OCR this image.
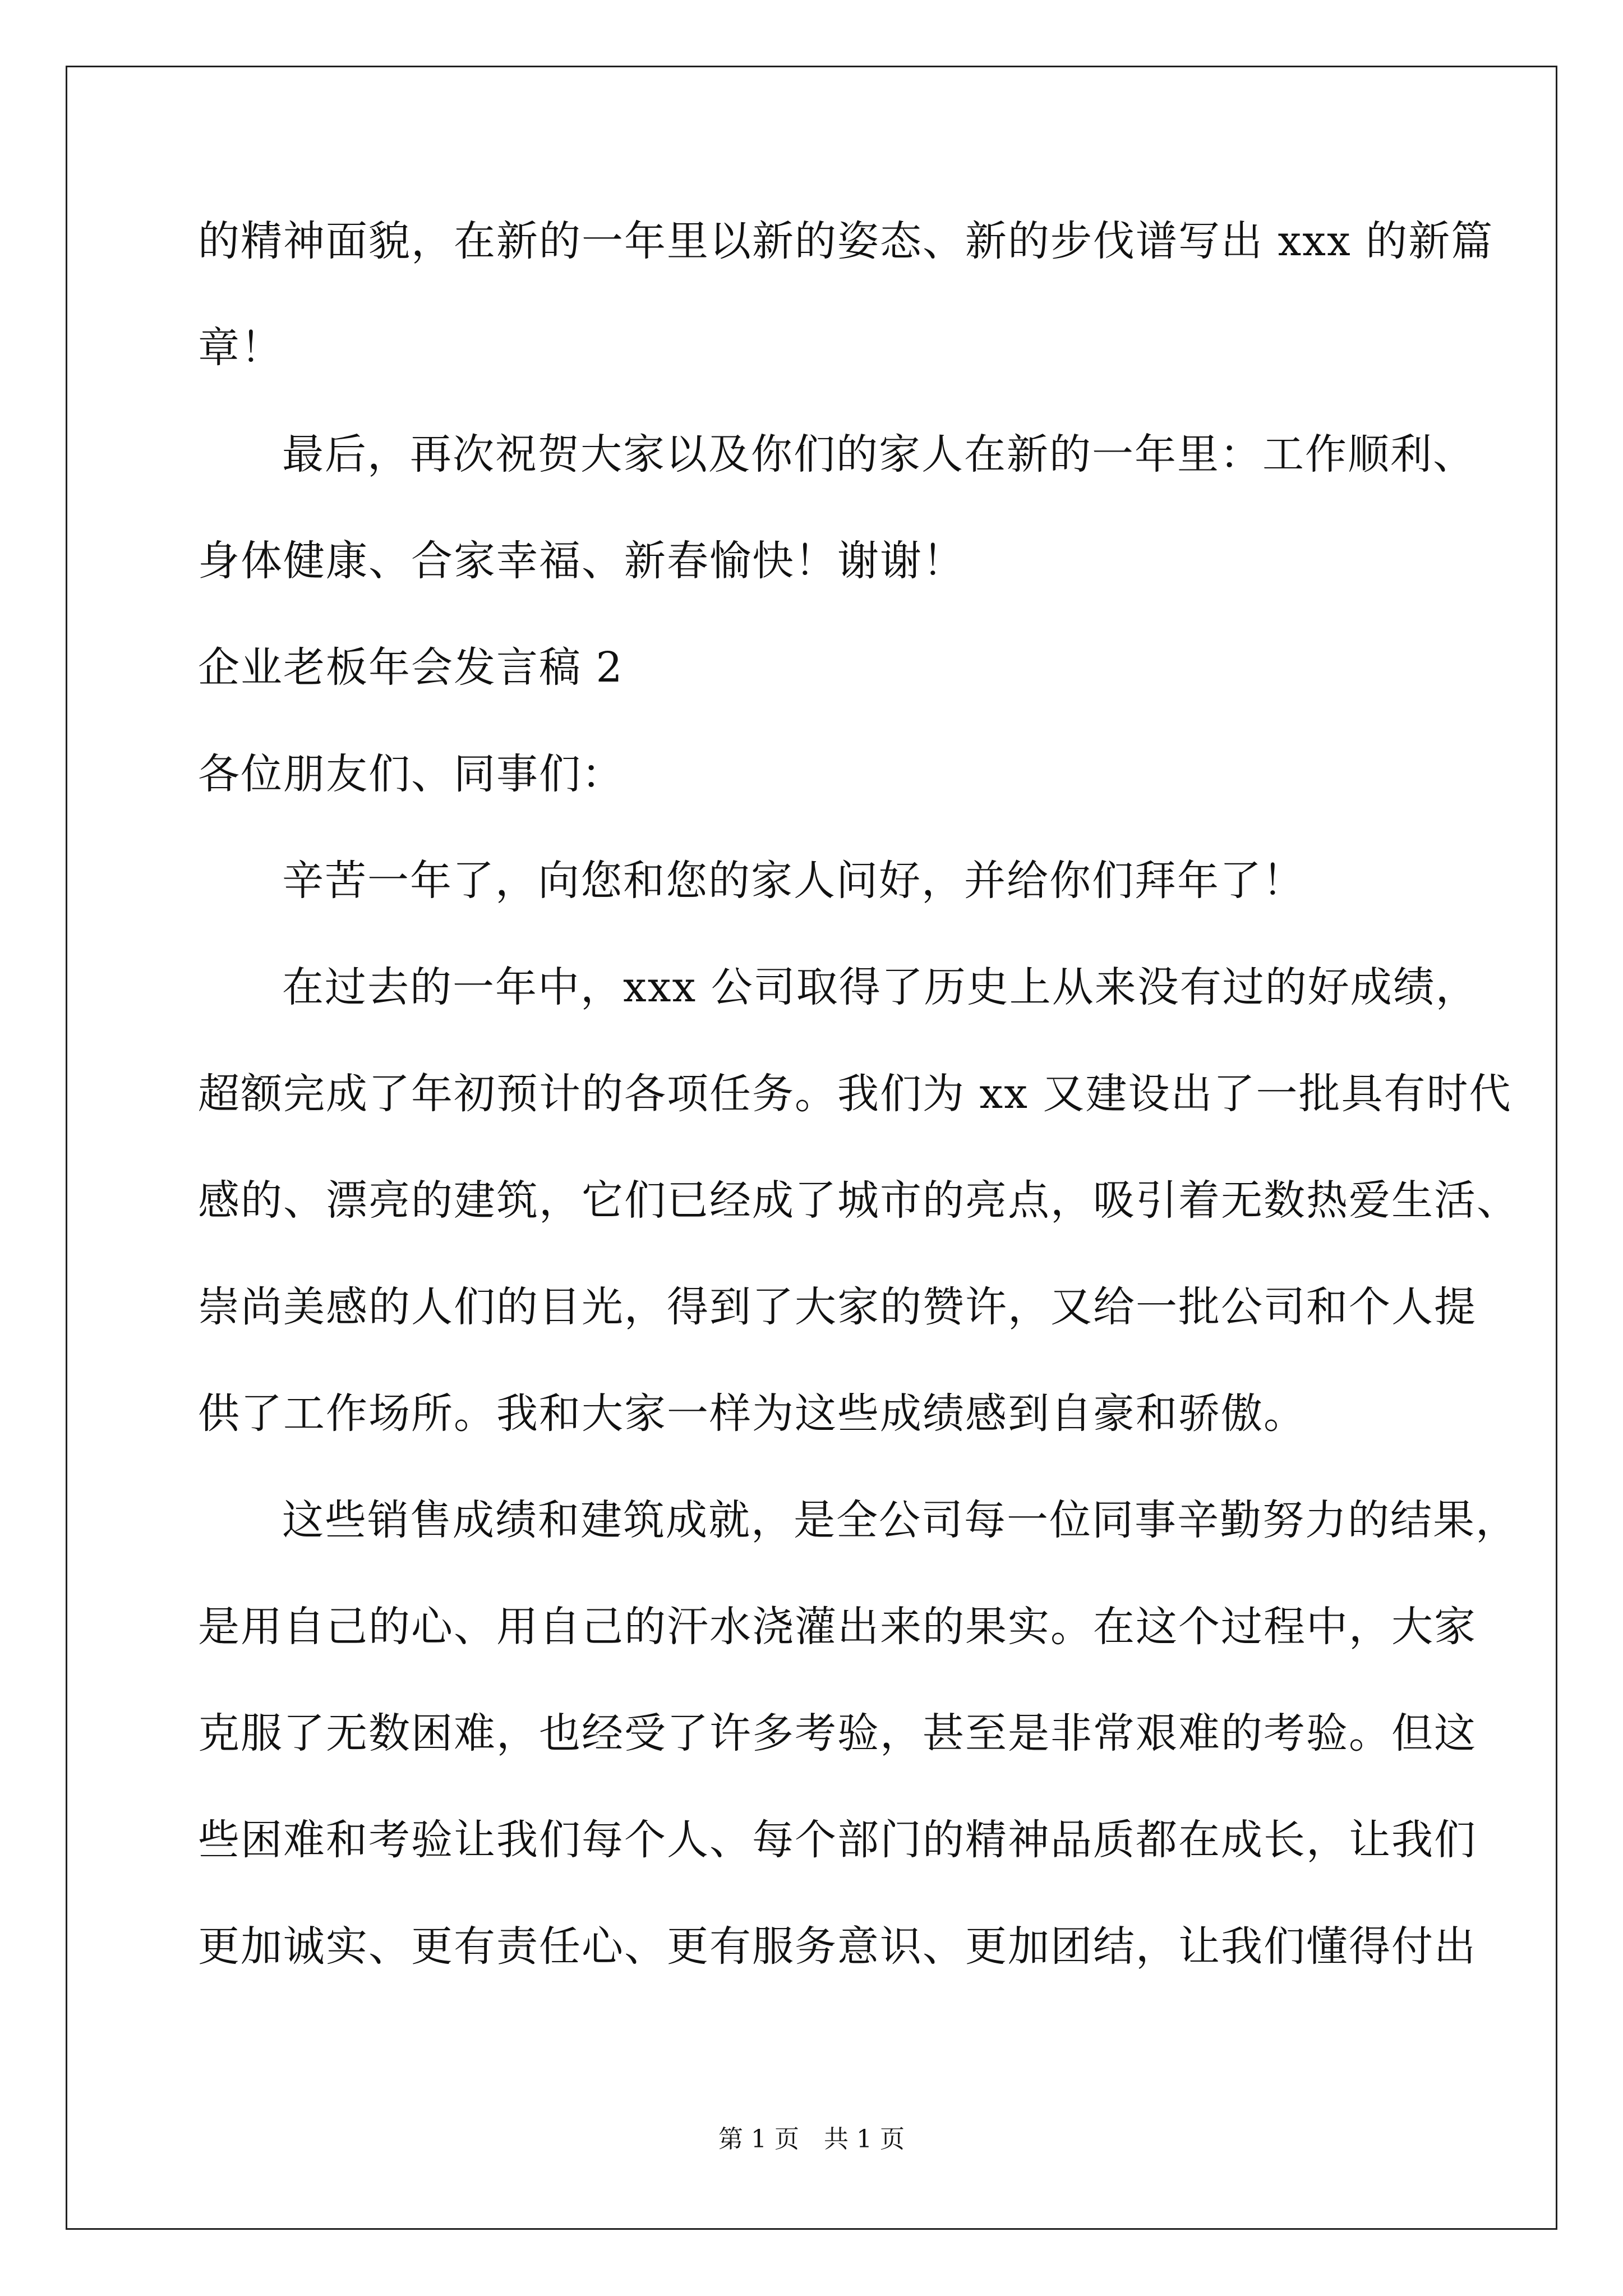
的精神面貌，在新的一年里以新的姿态、新的步伐谱写出 xxx 的新篇
章！
最后，再次祝贺大家以及你们的家人在新的一年里：工作顺利、
身体健康、合家幸福、新春愉快！谢谢！
企业老板年会发言稿 2
各位朋友们、同事们：
辛苦一年了，向您和您的家人问好，并给你们拜年了！
在过去的一年中，xxx 公司取得了历史上从来没有过的好成绩，
超额完成了年初预计的各项任务。我们为 xx 又建设出了一批具有时代
感的、漂亮的建筑，它们已经成了城市的亮点，吸引着无数热爱生活、
崇尚美感的人们的目光，得到了大家的赞许，又给一批公司和个人提
供了工作场所。我和大家一样为这些成绩感到自豪和骄傲。
这些销售成绩和建筑成就，是全公司每一位同事辛勤努力的结果，
是用自己的心、用自己的汗水浇灌出来的果实。在这个过程中，大家
克服了无数困难，也经受了许多考验，甚至是非常艰难的考验。但这
些困难和考验让我们每个人、每个部门的精神品质都在成长，让我们
更加诚实、更有责任心、更有服务意识、更加团结，让我们懂得付出
第 1 页　共 1 页
